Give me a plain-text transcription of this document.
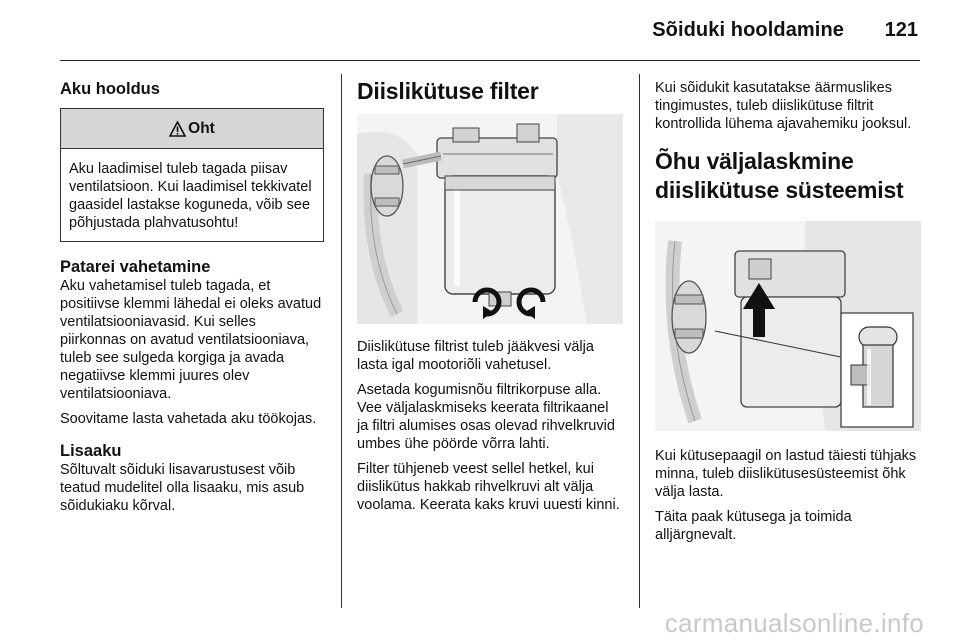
Sõiduki hooldamine 121
Aku hooldus
Oht
Aku laadimisel tuleb tagada piisav ventilatsioon. Kui laadimisel tekkivatel gaasidel lastakse koguneda, võib see põhjustada plahvatusohtu!
Patarei vahetamine

Aku vahetamisel tuleb tagada, et positiivse klemmi lähedal ei oleks avatud ventilatsiooniavasid. Kui selles piirkonnas on avatud ventilatsiooniava, tuleb see sulgeda korgiga ja avada negatiivse klemmi juures olev ventilatsiooniava.

Soovitame lasta vahetada aku töökojas.

Lisaaku

Sõltuvalt sõiduki lisavarustusest võib teatud mudelitel olla lisaaku, mis asub sõidukiaku kõrval.

Diislikütuse filter

Diislikütuse filtrist tuleb jääkvesi välja lasta igal mootoriõli vahetusel.

Asetada kogumisnõu filtrikorpuse alla. Vee väljalaskmiseks keerata filtrikaanel ja filtri alumises osas olevad rihvelkruvid umbes ühe pöörde võrra lahti.

Filter tühjeneb veest sellel hetkel, kui diislikütus hakkab rihvelkruvi alt välja voolama. Keerata kaks kruvi uuesti kinni.

Kui sõidukit kasutatakse äärmuslikes tingimustes, tuleb diislikütuse filtrit kontrollida lühema ajavahemiku jooksul.

Õhu väljalaskmine diislikütuse süsteemist

Kui kütusepaagil on lastud täiesti tühjaks minna, tuleb diislikütusesüsteemist õhk välja lasta.

Täita paak kütusega ja toimida alljärgnevalt.

carmanualsonline.info
